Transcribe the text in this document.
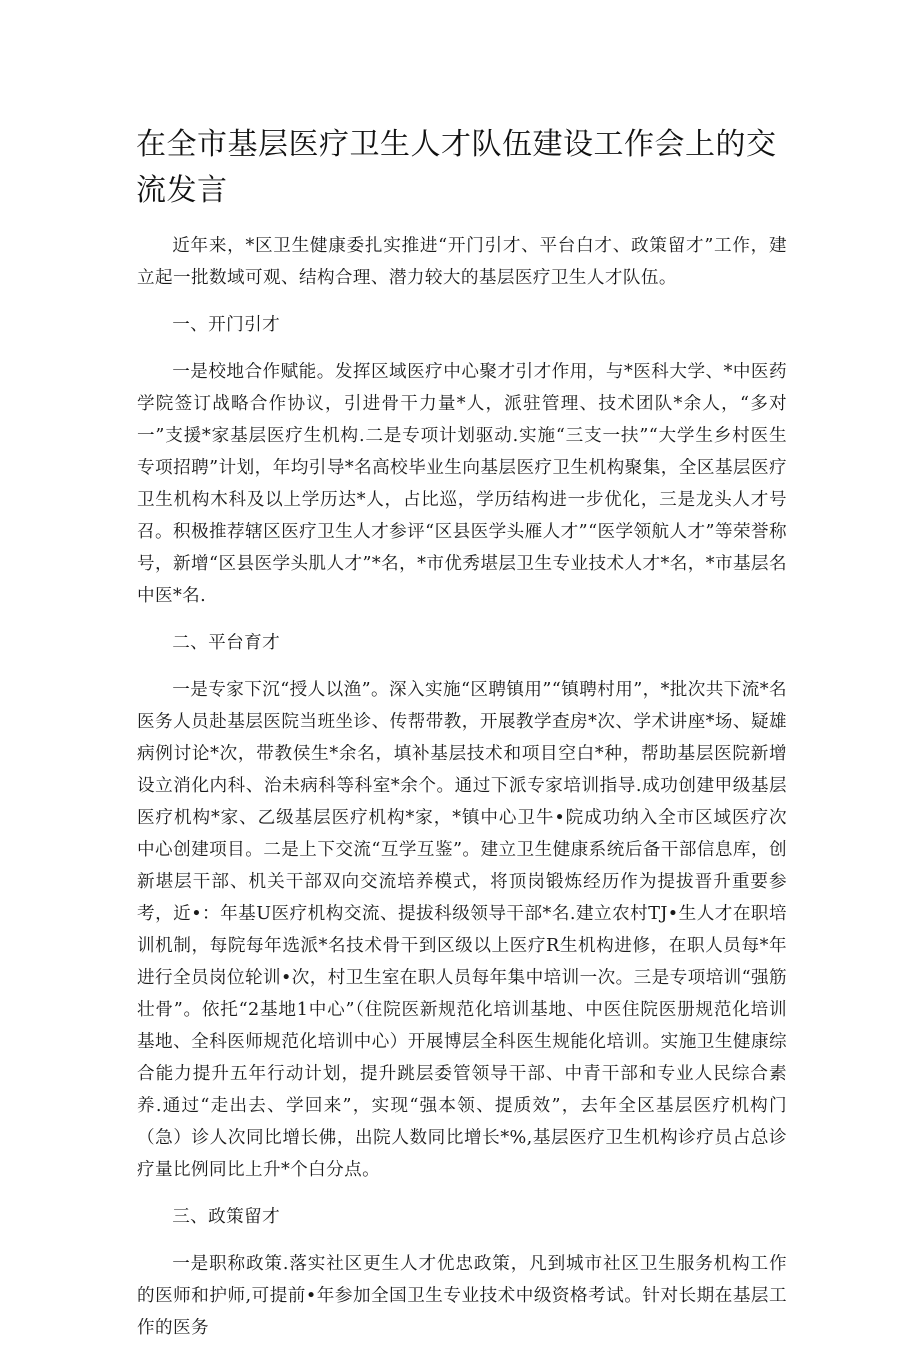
在全市基层医疗卫生人才队伍建设工作会上的交流发言

近年来，*区卫生健康委扎实推进“开门引才、平台白才、政策留才”工作，建立起一批数域可观、结构合理、潜力较大的基层医疗卫生人才队伍。

一、开门引才

一是校地合作赋能。发挥区域医疗中心聚才引才作用，与*医科大学、*中医药学院签订战略合作协议，引进骨干力量*人，派驻管理、技术团队*余人，“多对一”支援*家基层医疗生机构.二是专项计划驱动.实施“三支一扶”“大学生乡村医生专项招聘”计划，年均引导*名高校毕业生向基层医疗卫生机构聚集，全区基层医疗卫生机构木科及以上学历达*人，占比巡，学历结构进一步优化，三是龙头人才号召。积极推荐辖区医疗卫生人才参评“区县医学头雁人才”“医学领航人才”等荣誉称号，新增“区县医学头肌人才”*名，*市优秀堪层卫生专业技术人才*名，*市基层名中医*名.

二、平台育才

一是专家下沉“授人以渔”。深入实施“区聘镇用”“镇聘村用”，*批次共下流*名医务人员赴基层医院当班坐诊、传帮带教，开展教学查房*次、学术讲座*场、疑雄病例讨论*次，带教侯生*余名，填补基层技术和项目空白*种，帮助基层医院新增设立消化内科、治未病科等科室*余个。通过下派专家培训指导.成功创建甲级基层医疗机构*家、乙级基层医疗机构*家，*镇中心卫牛•院成功纳入全市区域医疗次中心创建项目。二是上下交流“互学互鉴”。建立卫生健康系统后备干部信息库，创新堪层干部、机关干部双向交流培养模式，将顶岗锻炼经历作为提拔晋升重要参考，近•：年基U医疗机构交流、提拔科级领导干部*名.建立农村TJ•生人才在职培训机制，每院每年选派*名技术骨干到区级以上医疗R生机构进修，在职人员每*年进行全员岗位轮训•次，村卫生室在职人员每年集中培训一次。三是专项培训“强筋壮骨”。依托“2基地1中心”（住院医新规范化培训基地、中医住院医册规范化培训基地、全科医师规范化培训中心）开展博层全科医生规能化培训。实施卫生健康综合能力提升五年行动计划，提升跳层委管领导干部、中青干部和专业人民综合素养.通过“走出去、学回来”，实现“强本领、提质效”，去年全区基层医疗机构门（急）诊人次同比增长佛，出院人数同比增长*%,基层医疗卫生机构诊疗员占总诊疗量比例同比上升*个白分点。

三、政策留才

一是职称政策.落实社区更生人才优忠政策，凡到城市社区卫生服务机构工作的医师和护师,可提前•年参加全国卫生专业技术中级资格考试。针对长期在基层工作的医务
